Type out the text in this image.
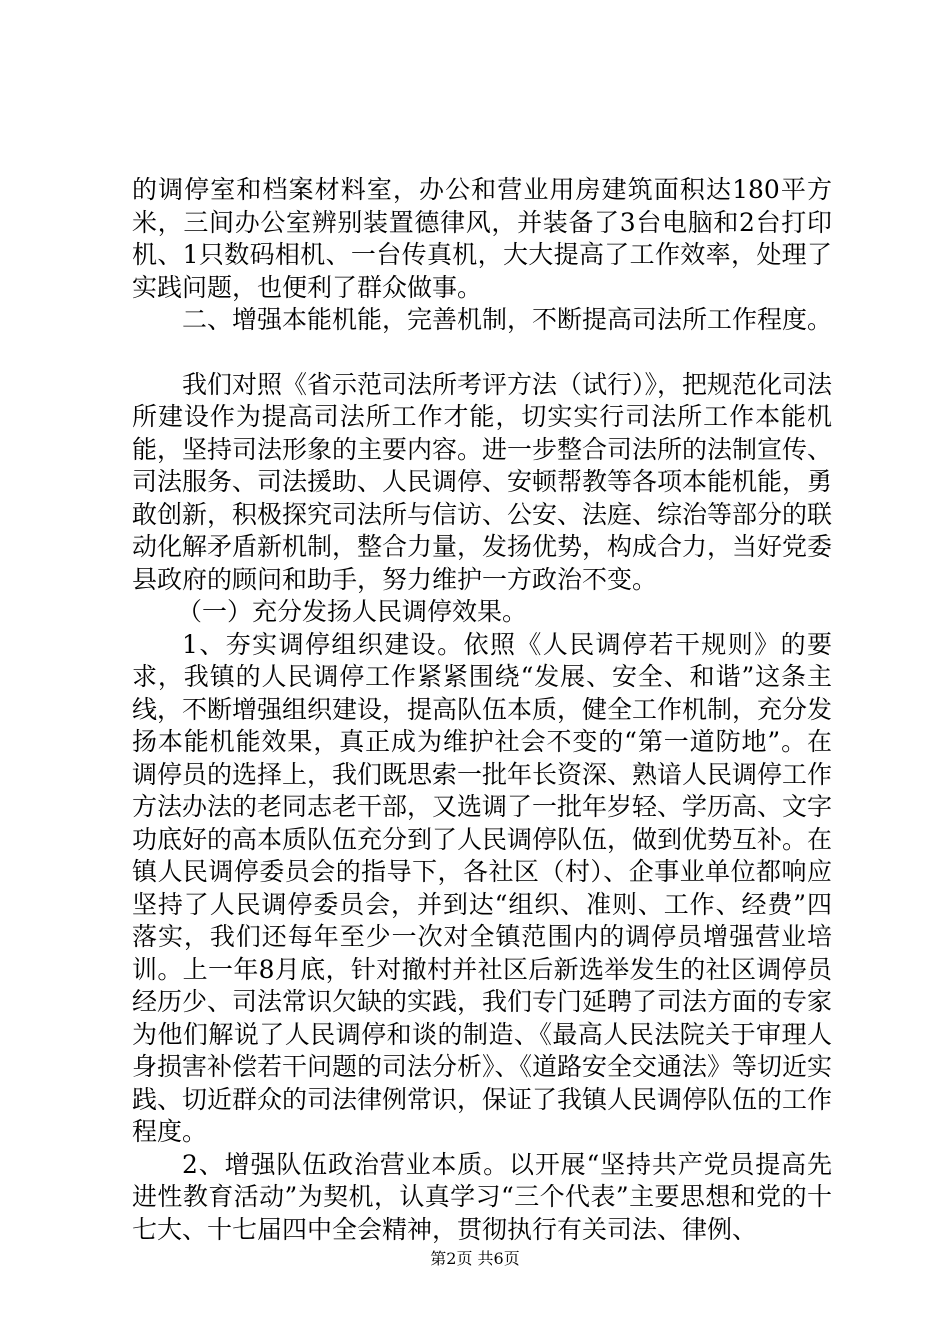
的调停室和档案材料室，办公和营业用房建筑面积达180平方米，三间办公室辨别装置德律风，并装备了3台电脑和2台打印机、1只数码相机、一台传真机，大大提高了工作效率，处理了实践问题，也便利了群众做事。

二、增强本能机能，完善机制，不断提高司法所工作程度。

我们对照《省示范司法所考评方法（试行）》，把规范化司法所建设作为提高司法所工作才能，切实实行司法所工作本能机能，坚持司法形象的主要内容。进一步整合司法所的法制宣传、司法服务、司法援助、人民调停、安顿帮教等各项本能机能，勇敢创新，积极探究司法所与信访、公安、法庭、综治等部分的联动化解矛盾新机制，整合力量，发扬优势，构成合力，当好党委县政府的顾问和助手，努力维护一方政治不变。

（一）充分发扬人民调停效果。

1、夯实调停组织建设。依照《人民调停若干规则》的要求，我镇的人民调停工作紧紧围绕“发展、安全、和谐”这条主线，不断增强组织建设，提高队伍本质，健全工作机制，充分发扬本能机能效果，真正成为维护社会不变的“第一道防地”。在调停员的选择上，我们既思索一批年长资深、熟谙人民调停工作方法办法的老同志老干部，又选调了一批年岁轻、学历高、文字功底好的高本质队伍充分到了人民调停队伍，做到优势互补。在镇人民调停委员会的指导下，各社区（村）、企事业单位都响应坚持了人民调停委员会，并到达“组织、准则、工作、经费”四落实，我们还每年至少一次对全镇范围内的调停员增强营业培训。上一年8月底，针对撤村并社区后新选举发生的社区调停员经历少、司法常识欠缺的实践，我们专门延聘了司法方面的专家为他们解说了人民调停和谈的制造、《最高人民法院关于审理人身损害补偿若干问题的司法分析》、《道路安全交通法》等切近实践、切近群众的司法律例常识，保证了我镇人民调停队伍的工作程度。

2、增强队伍政治营业本质。以开展“坚持共产党员提高先进性教育活动”为契机，认真学习“三个代表”主要思想和党的十七大、十七届四中全会精神，贯彻执行有关司法、律例、

第2页 共6页
